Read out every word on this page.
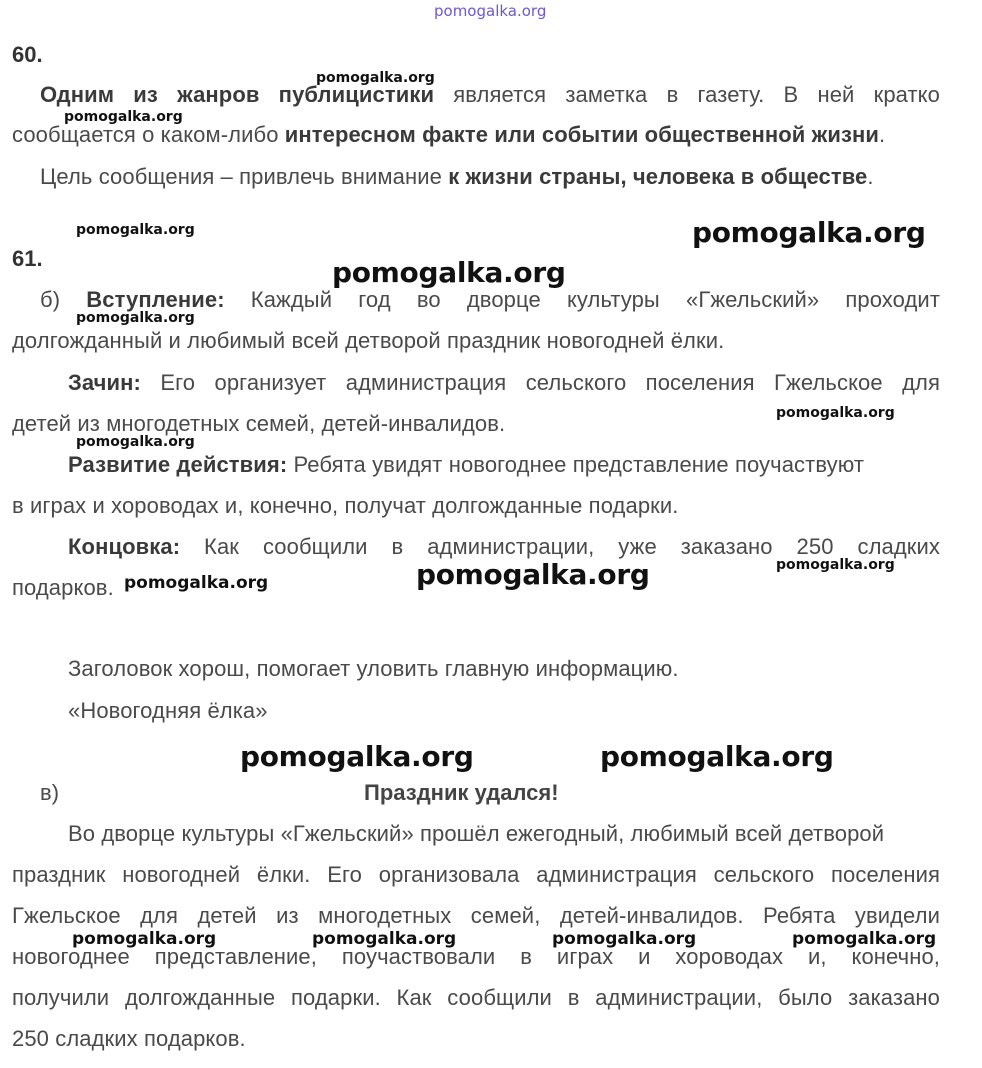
pomogalka.org
60.
Одним из жанров публицистики является заметка в газету. В ней кратко
сообщается о каком-либо интересном факте или событии общественной жизни.
Цель сообщения – привлечь внимание к жизни страны, человека в обществе.
61.
б) Вступление: Каждый год во дворце культуры «Гжельский» проходит
долгожданный и любимый всей детворой праздник новогодней ёлки.
Зачин: Его организует администрация сельского поселения Гжельское для
детей из многодетных семей, детей-инвалидов.
Развитие действия: Ребята увидят новогоднее представление поучаствуют
в играх и хороводах и, конечно, получат долгожданные подарки.
Концовка: Как сообщили в администрации, уже заказано 250 сладких
подарков.
Заголовок хорош, помогает уловить главную информацию.
«Новогодняя ёлка»
в)	Праздник удался!
Во дворце культуры «Гжельский» прошёл ежегодный, любимый всей детворой
праздник новогодней ёлки. Его организовала администрация сельского поселения
Гжельское для детей из многодетных семей, детей-инвалидов. Ребята увидели
новогоднее представление, поучаствовали в играх и хороводах и, конечно,
получили долгожданные подарки. Как сообщили в администрации, было заказано
250 сладких подарков.
pomogalka.org
pomogalka.org
pomogalka.org	pomogalka.org
pomogalka.org
pomogalka.org
pomogalka.org
pomogalka.org
pomogalka.org	pomogalka.org
pomogalka.org
pomogalka.org	pomogalka.org
pomogalka.org	pomogalka.org	pomogalka.org	pomogalka.org
